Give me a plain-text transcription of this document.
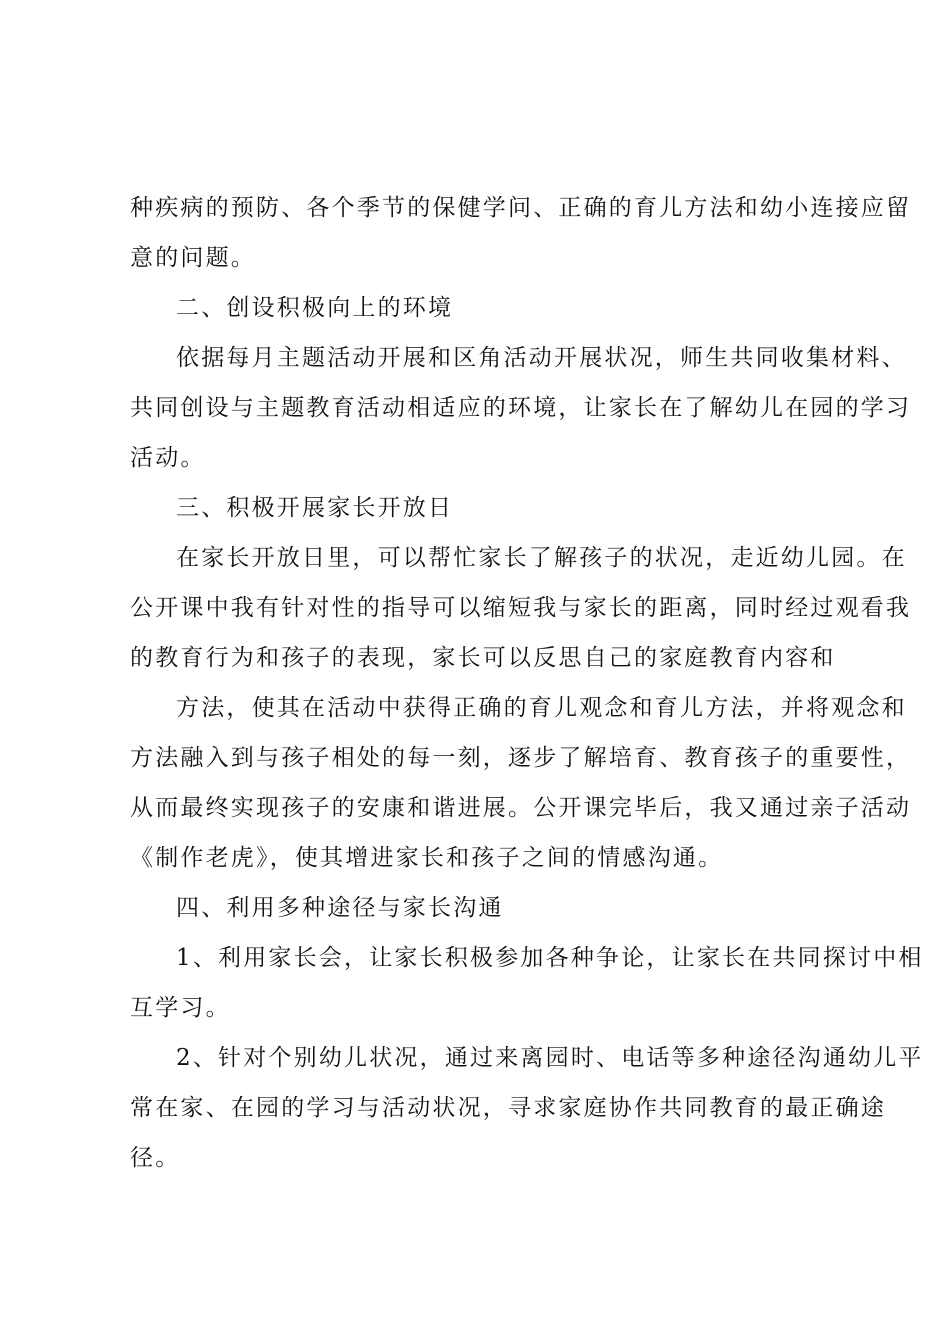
种疾病的预防、各个季节的保健学问、正确的育儿方法和幼小连接应留
意的问题。
二、创设积极向上的环境
依据每月主题活动开展和区角活动开展状况，师生共同收集材料、
共同创设与主题教育活动相适应的环境，让家长在了解幼儿在园的学习
活动。
三、积极开展家长开放日
在家长开放日里，可以帮忙家长了解孩子的状况，走近幼儿园。在
公开课中我有针对性的指导可以缩短我与家长的距离，同时经过观看我
的教育行为和孩子的表现，家长可以反思自己的家庭教育内容和
方法，使其在活动中获得正确的育儿观念和育儿方法，并将观念和
方法融入到与孩子相处的每一刻，逐步了解培育、教育孩子的重要性，
从而最终实现孩子的安康和谐进展。公开课完毕后，我又通过亲子活动
《制作老虎》，使其增进家长和孩子之间的情感沟通。
四、利用多种途径与家长沟通
1、利用家长会，让家长积极参加各种争论，让家长在共同探讨中相
互学习。
2、针对个别幼儿状况，通过来离园时、电话等多种途径沟通幼儿平
常在家、在园的学习与活动状况，寻求家庭协作共同教育的最正确途
径。
